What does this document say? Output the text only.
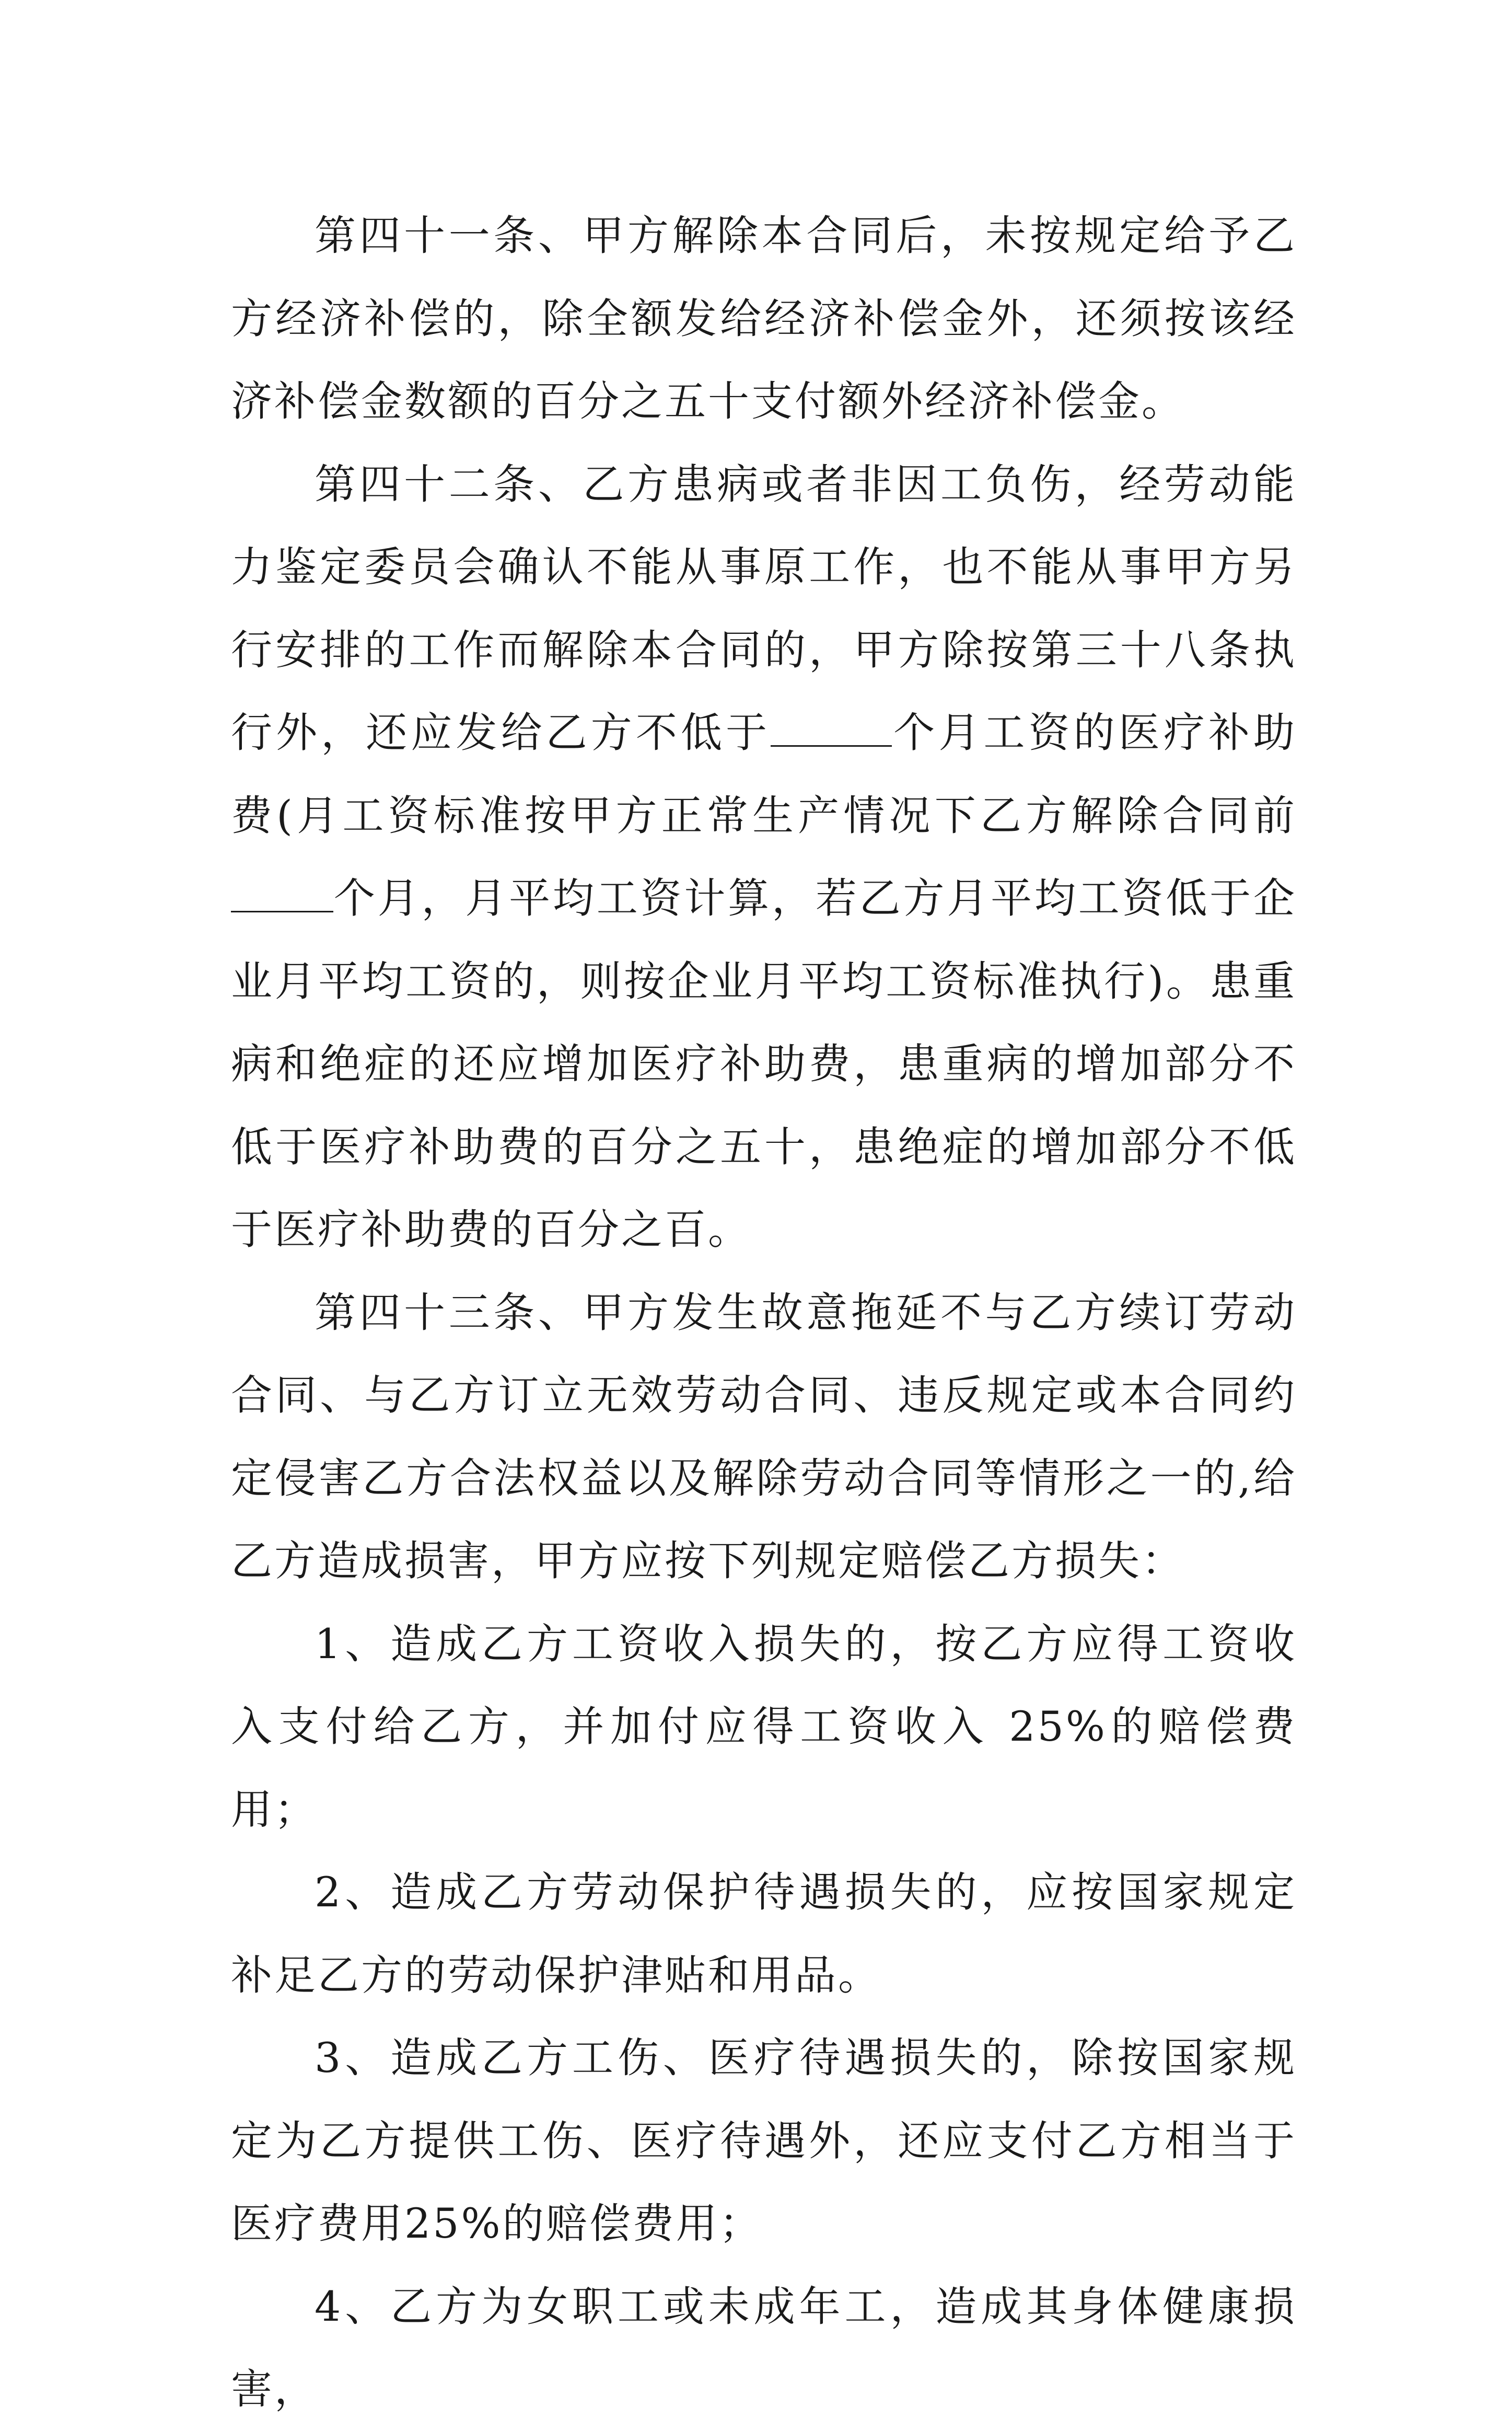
第四十一条、甲方解除本合同后，未按规定给予乙方经济补偿的，除全额发给经济补偿金外，还须按该经济补偿金数额的百分之五十支付额外经济补偿金。

第四十二条、乙方患病或者非因工负伤，经劳动能力鉴定委员会确认不能从事原工作，也不能从事甲方另行安排的工作而解除本合同的，甲方除按第三十八条执行外，还应发给乙方不低于	个月工资的医疗补助费(月工资标准按甲方正常生产情况下乙方解除合同前个月，月平均工资计算，若乙方月平均工资低于企业月平均工资的，则按企业月平均工资标准执行)。患重病和绝症的还应增加医疗补助费，患重病的增加部分不低于医疗补助费的百分之五十，患绝症的增加部分不低于医疗补助费的百分之百。

第四十三条、甲方发生故意拖延不与乙方续订劳动合同、与乙方订立无效劳动合同、违反规定或本合同约定侵害乙方合法权益以及解除劳动合同等情形之一的,给乙方造成损害，甲方应按下列规定赔偿乙方损失：

1、造成乙方工资收入损失的，按乙方应得工资收入支付给乙方，并加付应得工资收入 25%的赔偿费用；

2、造成乙方劳动保护待遇损失的，应按国家规定补足乙方的劳动保护津贴和用品。

3、造成乙方工伤、医疗待遇损失的，除按国家规定为乙方提供工伤、医疗待遇外，还应支付乙方相当于医疗费用25%的赔偿费用；

4、乙方为女职工或未成年工，造成其身体健康损害，
